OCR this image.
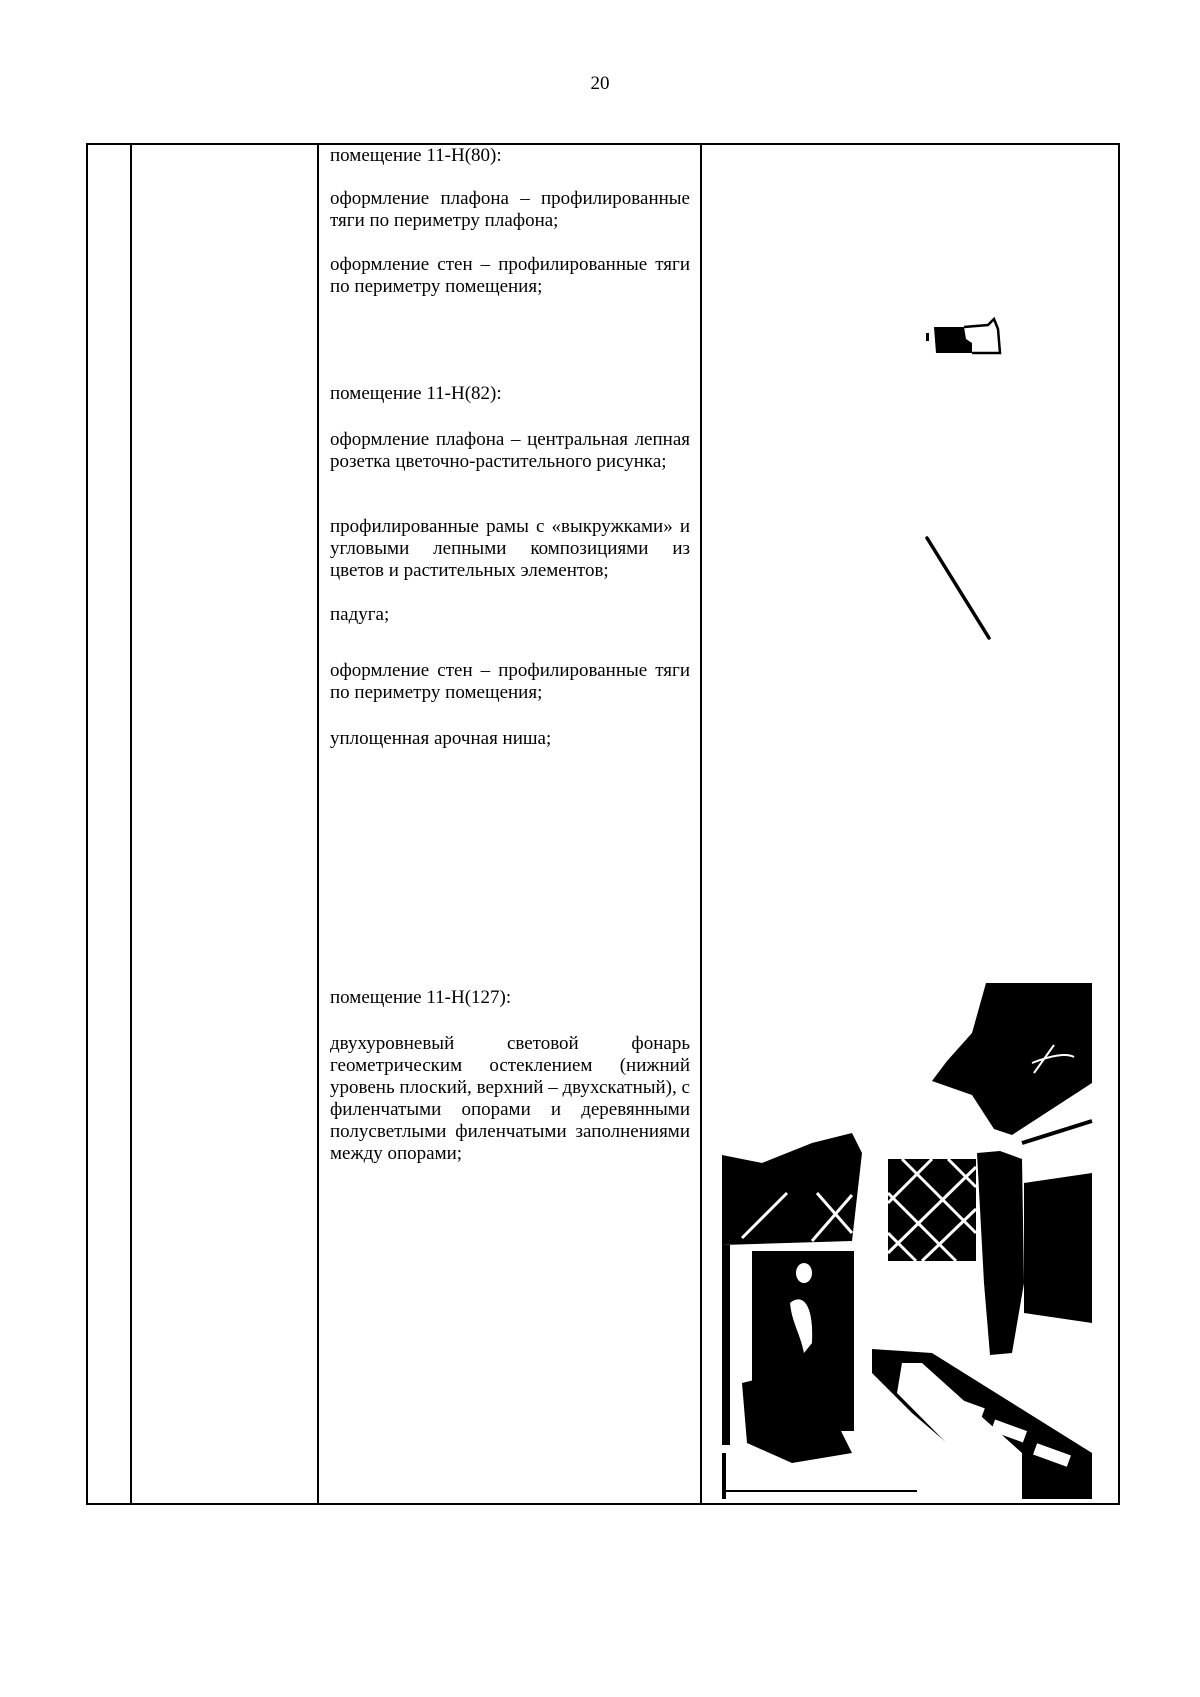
20
помещение 11-Н(80):
оформление плафона – профилированные тяги по периметру плафона;
оформление стен – профилированные тяги по периметру помещения;
помещение 11-Н(82):
оформление плафона – центральная лепная розетка цветочно-растительного рисунка;
профилированные рамы с «выкружками» и угловыми лепными композициями из цветов и растительных элементов;
падуга;
оформление стен – профилированные тяги по периметру помещения;
уплощенная арочная ниша;
помещение 11-Н(127):
двухуровневый световой фонарь геометрическим остеклением (нижний уровень плоский, верхний – двухскатный), с филенчатыми опорами и деревянными полусветлыми филенчатыми заполнениями между опорами;
